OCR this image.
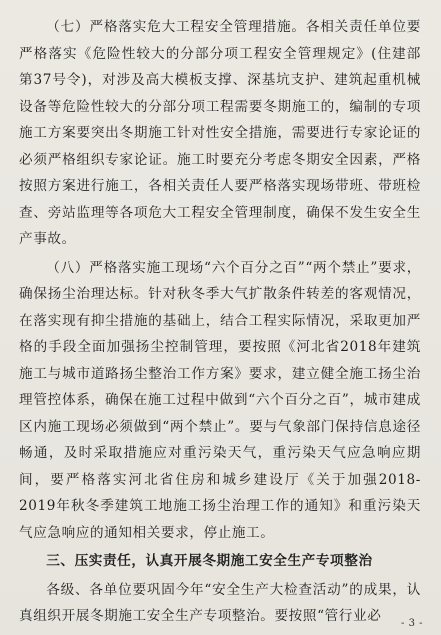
（七）严格落实危大工程安全管理措施。各相关责任单位要严格落实《危险性较大的分部分项工程安全管理规定》(住建部第37号令)，对涉及高大模板支撑、深基坑支护、建筑起重机械设备等危险性较大的分部分项工程需要冬期施工的，编制的专项施工方案要突出冬期施工针对性安全措施，需要进行专家论证的必须严格组织专家论证。施工时要充分考虑冬期安全因素，严格按照方案进行施工，各相关责任人要严格落实现场带班、带班检查、旁站监理等各项危大工程安全管理制度，确保不发生安全生产事故。

（八）严格落实施工现场“六个百分之百”“两个禁止”要求，确保扬尘治理达标。针对秋冬季大气扩散条件转差的客观情况，在落实现有抑尘措施的基础上，结合工程实际情况，采取更加严格的手段全面加强扬尘控制管理，要按照《河北省2018年建筑施工与城市道路扬尘整治工作方案》要求，建立健全施工扬尘治理管控体系，确保在施工过程中做到“六个百分之百”，城市建成区内施工现场必须做到“两个禁止”。要与气象部门保持信息途径畅通，及时采取措施应对重污染天气，重污染天气应急响应期间，要严格落实河北省住房和城乡建设厅《关于加强2018-2019年秋冬季建筑工地施工扬尘治理工作的通知》和重污染天气应急响应的通知相关要求，停止施工。

三、压实责任，认真开展冬期施工安全生产专项整治

各级、各单位要巩固今年“安全生产大检查活动”的成果，认真组织开展冬期施工安全生产专项整治。要按照“管行业必	- 3 -
